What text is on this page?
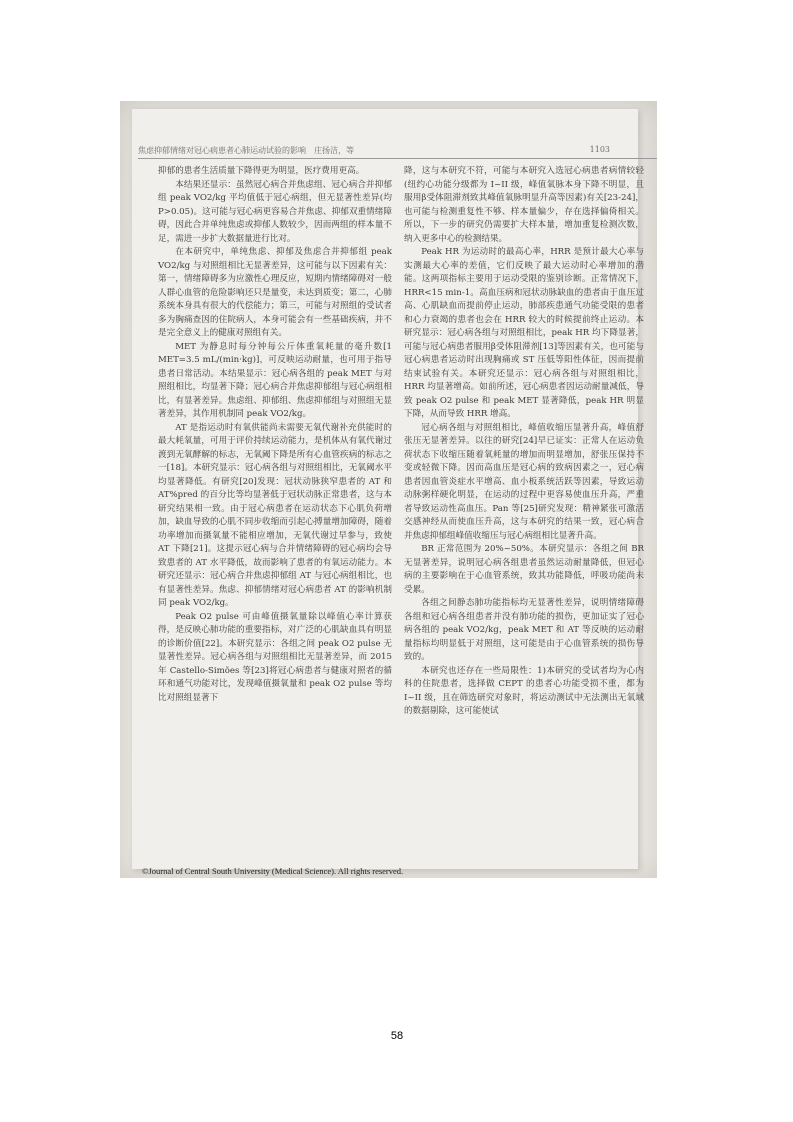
焦虑抑郁情绪对冠心病患者心肺运动试验的影响　庄扬洁，等	1103

抑郁的患者生活质量下降得更为明显，医疗费用更高。

本结果还显示：虽然冠心病合并焦虑组、冠心病合并抑郁组 peak VO2/kg 平均值低于冠心病组，但无显著性差异(均P>0.05)。这可能与冠心病更容易合并焦虑、抑郁双重情绪障碍，因此合并单纯焦虑或抑郁人数较少，因而两组的样本量不足，需进一步扩大数据量进行比对。

在本研究中，单纯焦虑、抑郁及焦虑合并抑郁组 peak VO2/kg 与对照组相比无显著差异，这可能与以下因素有关：第一，情绪障碍多为应激性心理反应，短期内情绪障碍对一般人群心血管的危险影响还只是量变，未达到质变；第二，心肺系统本身具有很大的代偿能力；第三，可能与对照组的受试者多为胸痛查因的住院病人，本身可能会有一些基础疾病，并不是完全意义上的健康对照组有关。

MET 为静息时每分钟每公斤体重氧耗量的毫升数[1 MET=3.5 mL/(min·kg)]，可反映运动耐量，也可用于指导患者日常活动。本结果显示：冠心病各组的 peak MET 与对照组相比，均显著下降；冠心病合并焦虑抑郁组与冠心病组相比，有显著差异。焦虑组、抑郁组、焦虑抑郁组与对照组无显著差异，其作用机制同 peak VO2/kg。

AT 是指运动时有氧供能尚未需要无氧代谢补充供能时的最大耗氧量，可用于评价持续运动能力，是机体从有氧代谢过渡到无氧酵解的标志，无氧阈下降是所有心血管疾病的标志之一[18]。本研究显示：冠心病各组与对照组相比，无氧阈水平均显著降低。有研究[20]发现：冠状动脉狭窄患者的 AT 和 AT%pred 的百分比等均显著低于冠状动脉正常患者，这与本研究结果相一致。由于冠心病患者在运动状态下心肌负荷增加，缺血导致的心肌不同步收缩而引起心搏量增加障碍，随着功率增加而摄氧量不能相应增加，无氧代谢过早参与，致使 AT 下降[21]。这提示冠心病与合并情绪障碍的冠心病均会导致患者的 AT 水平降低，故而影响了患者的有氧运动能力。本研究还显示：冠心病合并焦虑抑郁组 AT 与冠心病组相比，也有显著性差异。焦虑、抑郁情绪对冠心病患者 AT 的影响机制同 peak VO2/kg。

Peak O2 pulse 可由峰值摄氧量除以峰值心率计算获得，是反映心肺功能的重要指标，对广泛的心肌缺血具有明显的诊断价值[22]。本研究显示：各组之间 peak O2 pulse 无显著性差异。冠心病各组与对照组相比无显著差异，而 2015 年 Castello-Simões 等[23]将冠心病患者与健康对照者的循环和通气功能对比，发现峰值摄氧量和 peak O2 pulse 等均比对照组显著下

降，这与本研究不符，可能与本研究入选冠心病患者病情较轻(纽约心功能分级都为 I~II 级，峰值氧脉本身下降不明显，且服用β受体阻滞剂致其峰值氧脉明显升高等因素)有关[23-24]，也可能与检测重复性不够、样本量偏少，存在选择偏倚相关。所以，下一步的研究仍需要扩大样本量，增加重复检测次数，纳入更多中心的检测结果。

Peak HR 为运动时的最高心率，HRR 是预计最大心率与实测最大心率的差值，它们反映了最大运动时心率增加的潜能。这两项指标主要用于运动受限的鉴别诊断。正常情况下，HRR<15 min-1。高血压病和冠状动脉缺血的患者由于血压过高、心肌缺血而提前停止运动，肺部疾患通气功能受限的患者和心力衰竭的患者也会在 HRR 较大的时候提前终止运动。本研究显示：冠心病各组与对照组相比，peak HR 均下降显著，可能与冠心病患者服用β受体阻滞剂[13]等因素有关，也可能与冠心病患者运动时出现胸痛或 ST 压低等阳性体征，因而提前结束试验有关。本研究还显示：冠心病各组与对照组相比，HRR 均显著增高。如前所述，冠心病患者因运动耐量减低，导致 peak O2 pulse 和 peak MET 显著降低，peak HR 明显下降，从而导致 HRR 增高。

冠心病各组与对照组相比，峰值收缩压显著升高，峰值舒张压无显著差异。以往的研究[24]早已证实：正常人在运动负荷状态下收缩压随着氧耗量的增加而明显增加，舒张压保持不变或轻微下降。因而高血压是冠心病的致病因素之一，冠心病患者因血管炎症水平增高、血小板系统活跃等因素，导致运动动脉粥样硬化明显，在运动的过程中更容易使血压升高，严重者导致运动性高血压。Pan 等[25]研究发现：精神紧张可激活交感神经从而使血压升高，这与本研究的结果一致，冠心病合并焦虑抑郁组峰值收缩压与冠心病组相比显著升高。

BR 正常范围为 20%~50%。本研究显示：各组之间 BR 无显著差异，说明冠心病各组患者虽然运动耐量降低，但冠心病的主要影响在于心血管系统，致其功能降低，呼吸功能尚未受累。

各组之间静态肺功能指标均无显著性差异，说明情绪障碍各组和冠心病各组患者并没有肺功能的损伤，更加证实了冠心病各组的 peak VO2/kg，peak MET 和 AT 等反映的运动耐量指标均明显低于对照组，这可能是由于心血管系统的损伤导致的。

本研究也还存在一些局限性：1)本研究的受试者均为心内科的住院患者，选择做 CEPT 的患者心功能受损不重，都为 I~II 级，且在筛选研究对象时，将运动测试中无法测出无氧域的数据剔除，这可能使试

©Journal of Central South University (Medical Science). All rights reserved.
58
